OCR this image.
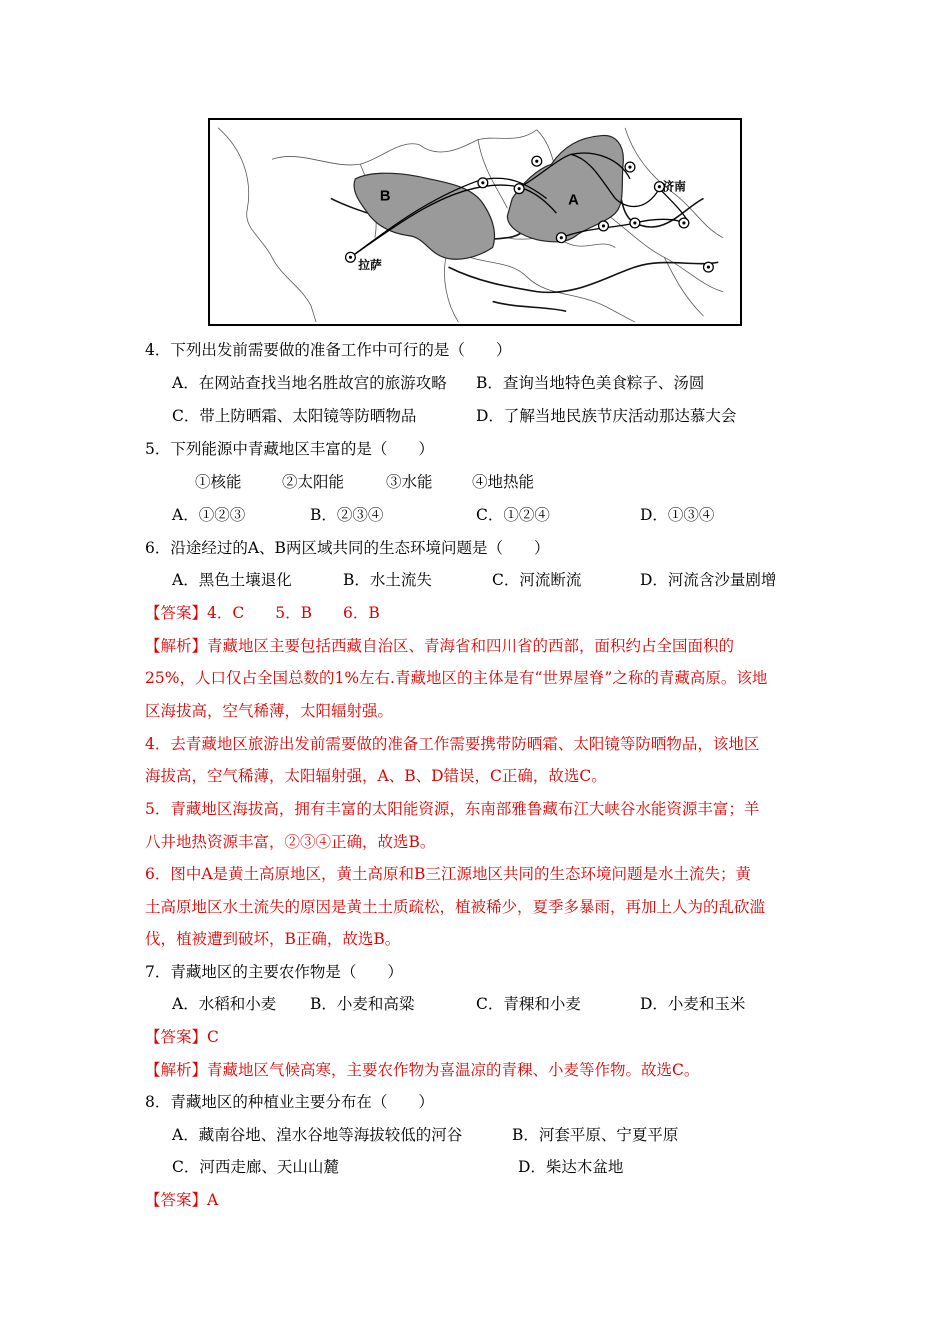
B	A
济南
拉萨
4．下列出发前需要做的准备工作中可行的是（　　）
A．在网站查找当地名胜故宫的旅游攻略 B．查询当地特色美食粽子、汤圆
C．带上防晒霜、太阳镜等防晒物品	D．了解当地民族节庆活动那达慕大会
5．下列能源中青藏地区丰富的是（　　）
①核能	②太阳能	③水能	④地热能
A．①②③	B．②③④	C．①②④	D．①③④
6．沿途经过的A、B两区域共同的生态环境问题是（　　）
A．黑色土壤退化	B．水土流失	C．河流断流	D．河流含沙量剧增
【答案】4．C　　5．B　　6．B
【解析】青藏地区主要包括西藏自治区、青海省和四川省的西部，面积约占全国面积的
25%，人口仅占全国总数的1%左右.青藏地区的主体是有“世界屋脊”之称的青藏高原。该地
区海拔高，空气稀薄，太阳辐射强。
4．去青藏地区旅游出发前需要做的准备工作需要携带防晒霜、太阳镜等防晒物品，该地区
海拔高，空气稀薄，太阳辐射强，A、B、D错误，C正确，故选C。
5．青藏地区海拔高，拥有丰富的太阳能资源，东南部雅鲁藏布江大峡谷水能资源丰富；羊
八井地热资源丰富，②③④正确，故选B。
6．图中A是黄土高原地区，黄土高原和B三江源地区共同的生态环境问题是水土流失；黄
土高原地区水土流失的原因是黄土土质疏松，植被稀少，夏季多暴雨，再加上人为的乱砍滥
伐，植被遭到破坏，B正确，故选B。
7．青藏地区的主要农作物是（　　）
A．水稻和小麦 B．小麦和高粱	C．青稞和小麦	D．小麦和玉米
【答案】C
【解析】青藏地区气候高寒，主要农作物为喜温凉的青稞、小麦等作物。故选C。
8．青藏地区的种植业主要分布在（　　）
A．藏南谷地、湟水谷地等海拔较低的河谷	B．河套平原、宁夏平原
C．河西走廊、天山山麓	D．柴达木盆地
【答案】A
